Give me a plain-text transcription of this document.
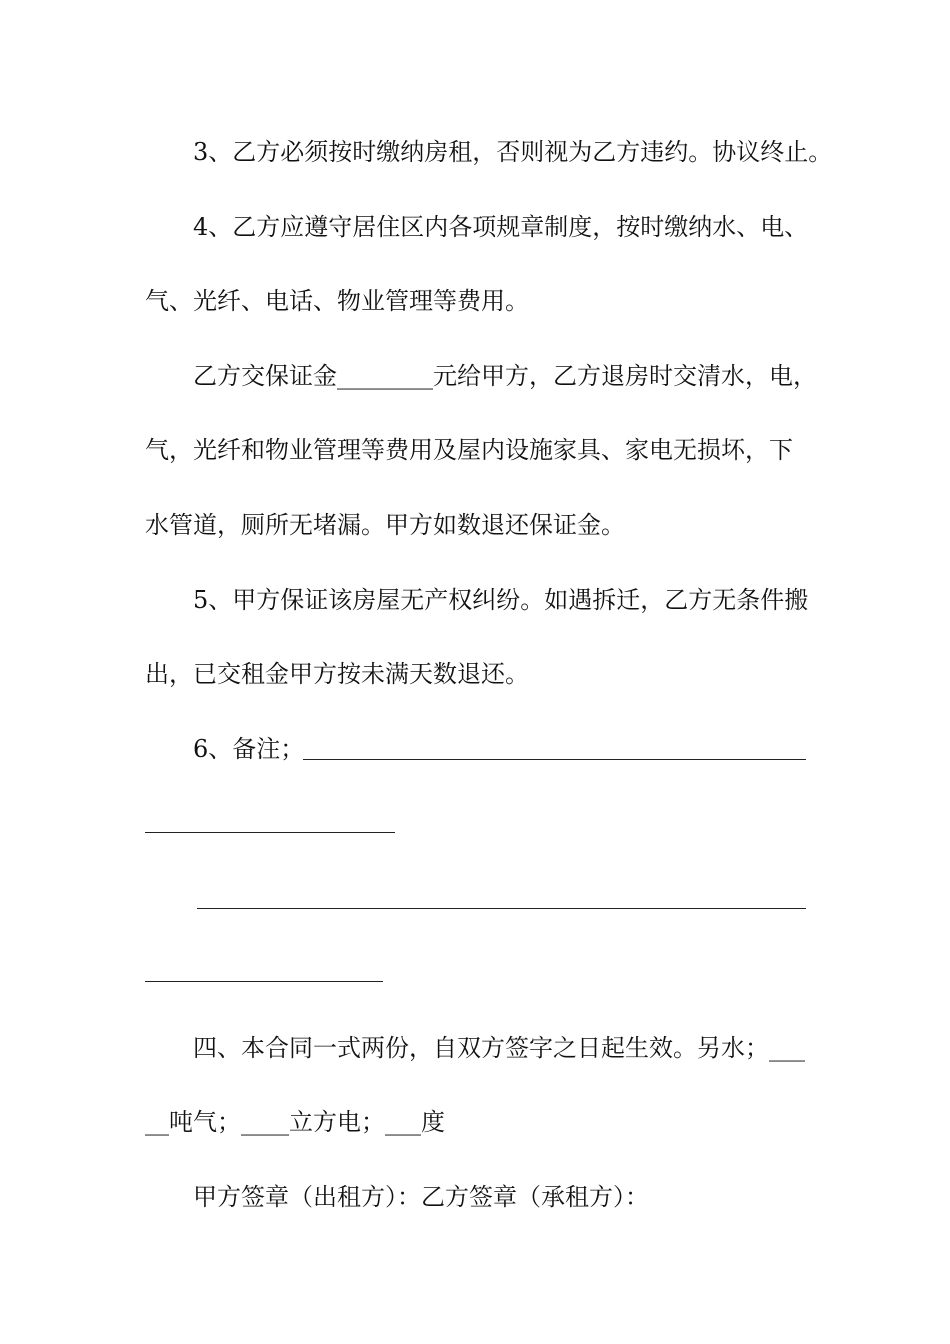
3、乙方必须按时缴纳房租，否则视为乙方违约。协议终止。
4、乙方应遵守居住区内各项规章制度，按时缴纳水、电、
气、光纤、电话、物业管理等费用。
乙方交保证金________元给甲方，乙方退房时交清水，电，
气，光纤和物业管理等费用及屋内设施家具、家电无损坏，下
水管道，厕所无堵漏。甲方如数退还保证金。
5、甲方保证该房屋无产权纠纷。如遇拆迁，乙方无条件搬
出，已交租金甲方按未满天数退还。
6、备注；
四、本合同一式两份，自双方签字之日起生效。另水；___
__吨气；____立方电；___度
甲方签章（出租方）：乙方签章（承租方）：
